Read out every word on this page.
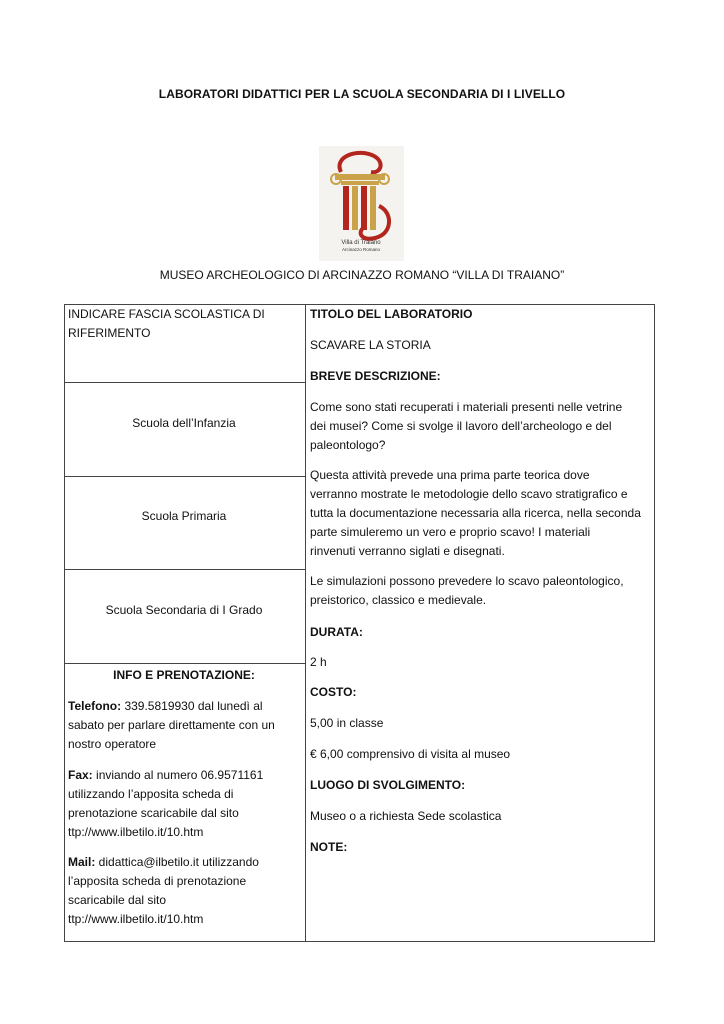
LABORATORI DIDATTICI PER LA SCUOLA SECONDARIA DI I LIVELLO
Villa di Traiano
Arcinazzo Romano
MUSEO ARCHEOLOGICO DI ARCINAZZO ROMANO “VILLA DI TRAIANO”

INDICARE FASCIA SCOLASTICA DI

RIFERIMENTO

Scuola dell’Infanzia
Scuola Primaria
Scuola Secondaria di I Grado
INFO E PRENOTAZIONE:

Telefono: 339.5819930 dal lunedì al

sabato per parlare direttamente con un

nostro operatore

Fax: inviando al numero 06.9571161

utilizzando l’apposita scheda di

prenotazione scaricabile dal sito

ttp://www.ilbetilo.it/10.htm

Mail: didattica@ilbetilo.it utilizzando

l’apposita scheda di prenotazione

scaricabile dal sito

ttp://www.ilbetilo.it/10.htm

TITOLO DEL LABORATORIO
SCAVARE LA STORIA
BREVE DESCRIZIONE:

Come sono stati recuperati i materiali presenti nelle vetrine

dei musei? Come si svolge il lavoro dell’archeologo e del

paleontologo?

Questa attività prevede una prima parte teorica dove

verranno mostrate le metodologie dello scavo stratigrafico e

tutta la documentazione necessaria alla ricerca, nella seconda

parte simuleremo un vero e proprio scavo! I materiali

rinvenuti verranno siglati e disegnati.

Le simulazioni possono prevedere lo scavo paleontologico,

preistorico, classico e medievale.

DURATA:
2 h
COSTO:
5,00 in classe
€ 6,00 comprensivo di visita al museo
LUOGO DI SVOLGIMENTO:
Museo o a richiesta Sede scolastica
NOTE:
